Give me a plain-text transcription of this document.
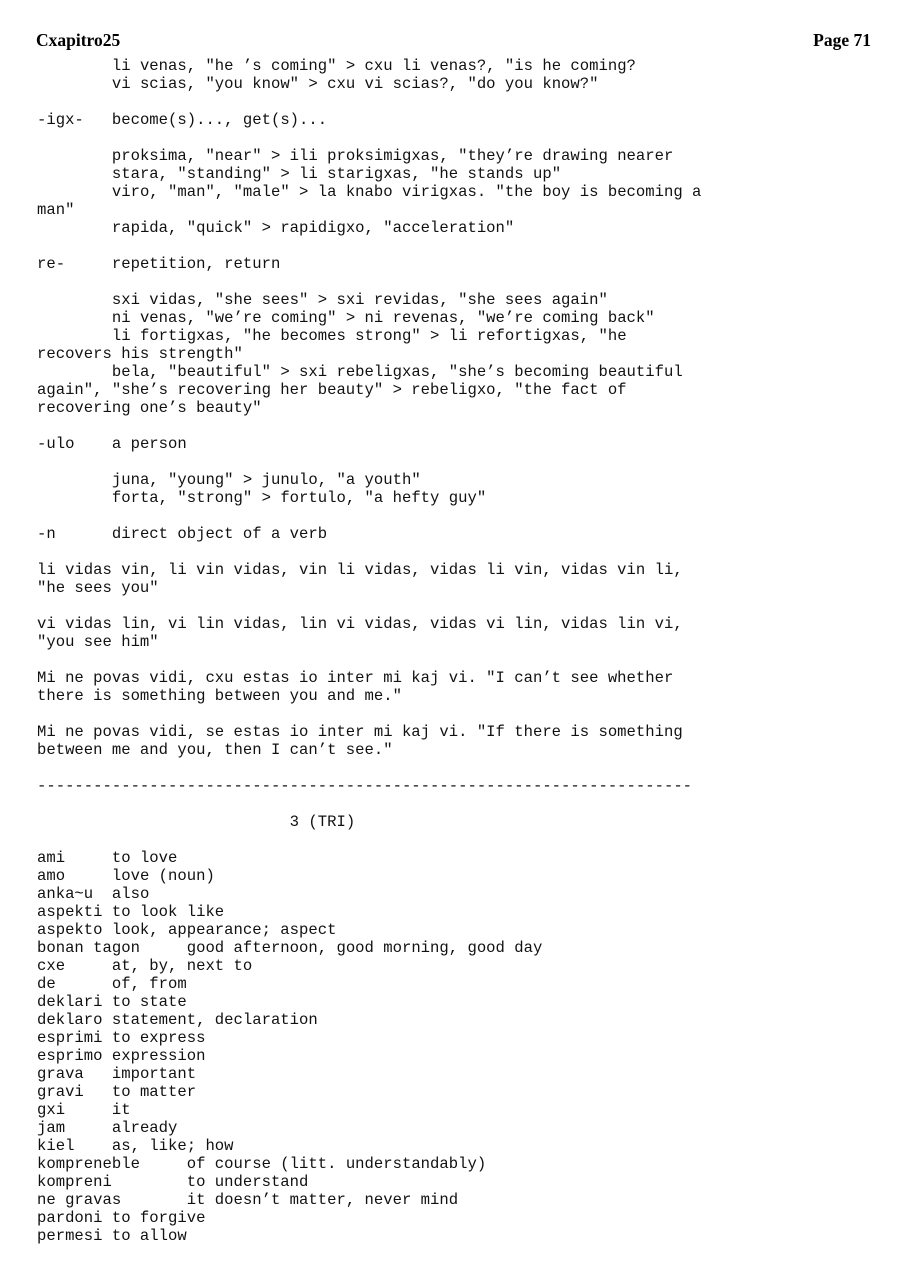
Cxapitro25	Page 71
	li venas, "he ’s coming" > cxu li venas?, "is he coming?
	vi scias, "you know" > cxu vi scias?, "do you know?"

-igx-	become(s)..., get(s)...

	proksima, "near" > ili proksimigxas, "they’re drawing nearer
	stara, "standing" > li starigxas, "he stands up"
	viro, "man", "male" > la knabo virigxas. "the boy is becoming a
man"
	rapida, "quick" > rapidigxo, "acceleration"

re-	repetition, return

	sxi vidas, "she sees" > sxi revidas, "she sees again"
	ni venas, "we’re coming" > ni revenas, "we’re coming back"
	li fortigxas, "he becomes strong" > li refortigxas, "he
recovers his strength"
	bela, "beautiful" > sxi rebeligxas, "she’s becoming beautiful
again", "she’s recovering her beauty" > rebeligxo, "the fact of
recovering one’s beauty"

-ulo	a person

	juna, "young" > junulo, "a youth"
	forta, "strong" > fortulo, "a hefty guy"

-n	direct object of a verb

li vidas vin, li vin vidas, vin li vidas, vidas li vin, vidas vin li,
"he sees you"

vi vidas lin, vi lin vidas, lin vi vidas, vidas vi lin, vidas lin vi,
"you see him"

Mi ne povas vidi, cxu estas io inter mi kaj vi. "I can’t see whether
there is something between you and me."

Mi ne povas vidi, se estas io inter mi kaj vi. "If there is something
between me and you, then I can’t see."

----------------------------------------------------------------------

			3 (TRI)

ami	to love
amo	love (noun)
anka~u	also
aspekti to look like
aspekto look, appearance; aspect
bonan tagon	good afternoon, good morning, good day
cxe	at, by, next to
de	of, from
deklari to state
deklaro statement, declaration
esprimi to express
esprimo expression
grava	important
gravi	to matter
gxi	it
jam	already
kiel	as, like; how
kompreneble	of course (litt. understandably)
kompreni	to understand
ne gravas	it doesn’t matter, never mind
pardoni to forgive
permesi to allow
